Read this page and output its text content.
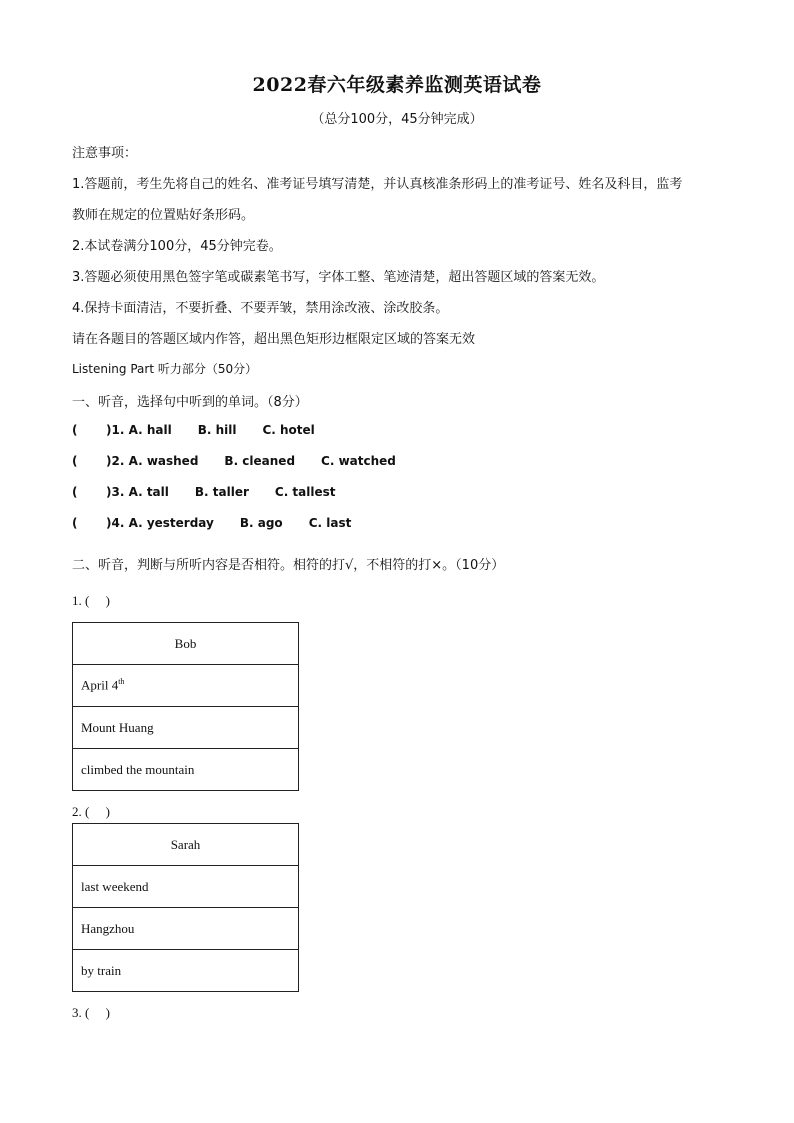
2022春六年级素养监测英语试卷
（总分100分，45分钟完成）
注意事项：
1.答题前，考生先将自己的姓名、准考证号填写清楚，并认真核准条形码上的准考证号、姓名及科目，监考
教师在规定的位置贴好条形码。
2.本试卷满分100分，45分钟完卷。
3.答题必须使用黑色签字笔或碳素笔书写，字体工整、笔迹清楚，超出答题区域的答案无效。
4.保持卡面清洁，不要折叠、不要弄皱，禁用涂改液、涂改胶条。
请在各题目的答题区域内作答，超出黑色矩形边框限定区域的答案无效
Listening Part 听力部分（50分）
一、听音，选择句中听到的单词。（8分）
( )1. A. hall B. hill C. hotel
( )2. A. washed B. cleaned C. watched
( )3. A. tall B. taller C. tallest
( )4. A. yesterday B. ago C. last
二、听音，判断与所听内容是否相符。相符的打√，不相符的打×。（10分）
1. (　 )
Bob
April 4th
Mount Huang
climbed the mountain
2. (　 )
Sarah
last weekend
Hangzhou
by train
3. (　 )
